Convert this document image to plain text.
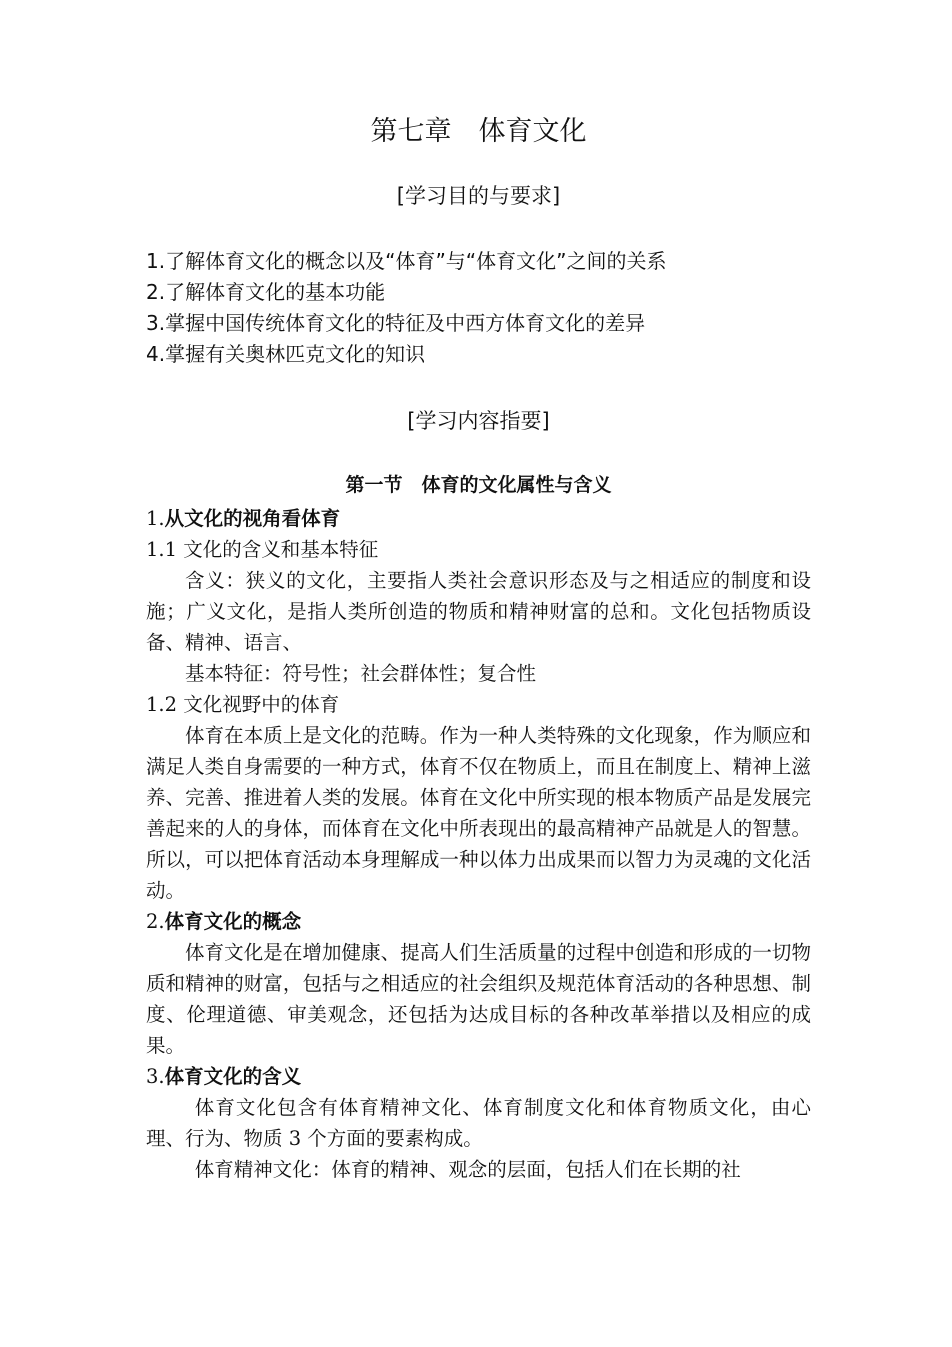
第七章　体育文化
[学习目的与要求]
1.了解体育文化的概念以及“体育”与“体育文化”之间的关系
2.了解体育文化的基本功能
3.掌握中国传统体育文化的特征及中西方体育文化的差异
4.掌握有关奥林匹克文化的知识
[学习内容指要]
第一节　体育的文化属性与含义

1.从文化的视角看体育

1.1 文化的含义和基本特征

含义：狭义的文化，主要指人类社会意识形态及与之相适应的制度和设施；广义文化，是指人类所创造的物质和精神财富的总和。文化包括物质设备、精神、语言、

基本特征：符号性；社会群体性；复合性

1.2 文化视野中的体育

体育在本质上是文化的范畴。作为一种人类特殊的文化现象，作为顺应和满足人类自身需要的一种方式，体育不仅在物质上，而且在制度上、精神上滋养、完善、推进着人类的发展。体育在文化中所实现的根本物质产品是发展完善起来的人的身体，而体育在文化中所表现出的最高精神产品就是人的智慧。所以，可以把体育活动本身理解成一种以体力出成果而以智力为灵魂的文化活动。

2.体育文化的概念

体育文化是在增加健康、提高人们生活质量的过程中创造和形成的一切物质和精神的财富，包括与之相适应的社会组织及规范体育活动的各种思想、制度、伦理道德、审美观念，还包括为达成目标的各种改革举措以及相应的成果。

3.体育文化的含义

体育文化包含有体育精神文化、体育制度文化和体育物质文化，由心理、行为、物质 3 个方面的要素构成。

体育精神文化：体育的精神、观念的层面，包括人们在长期的社
